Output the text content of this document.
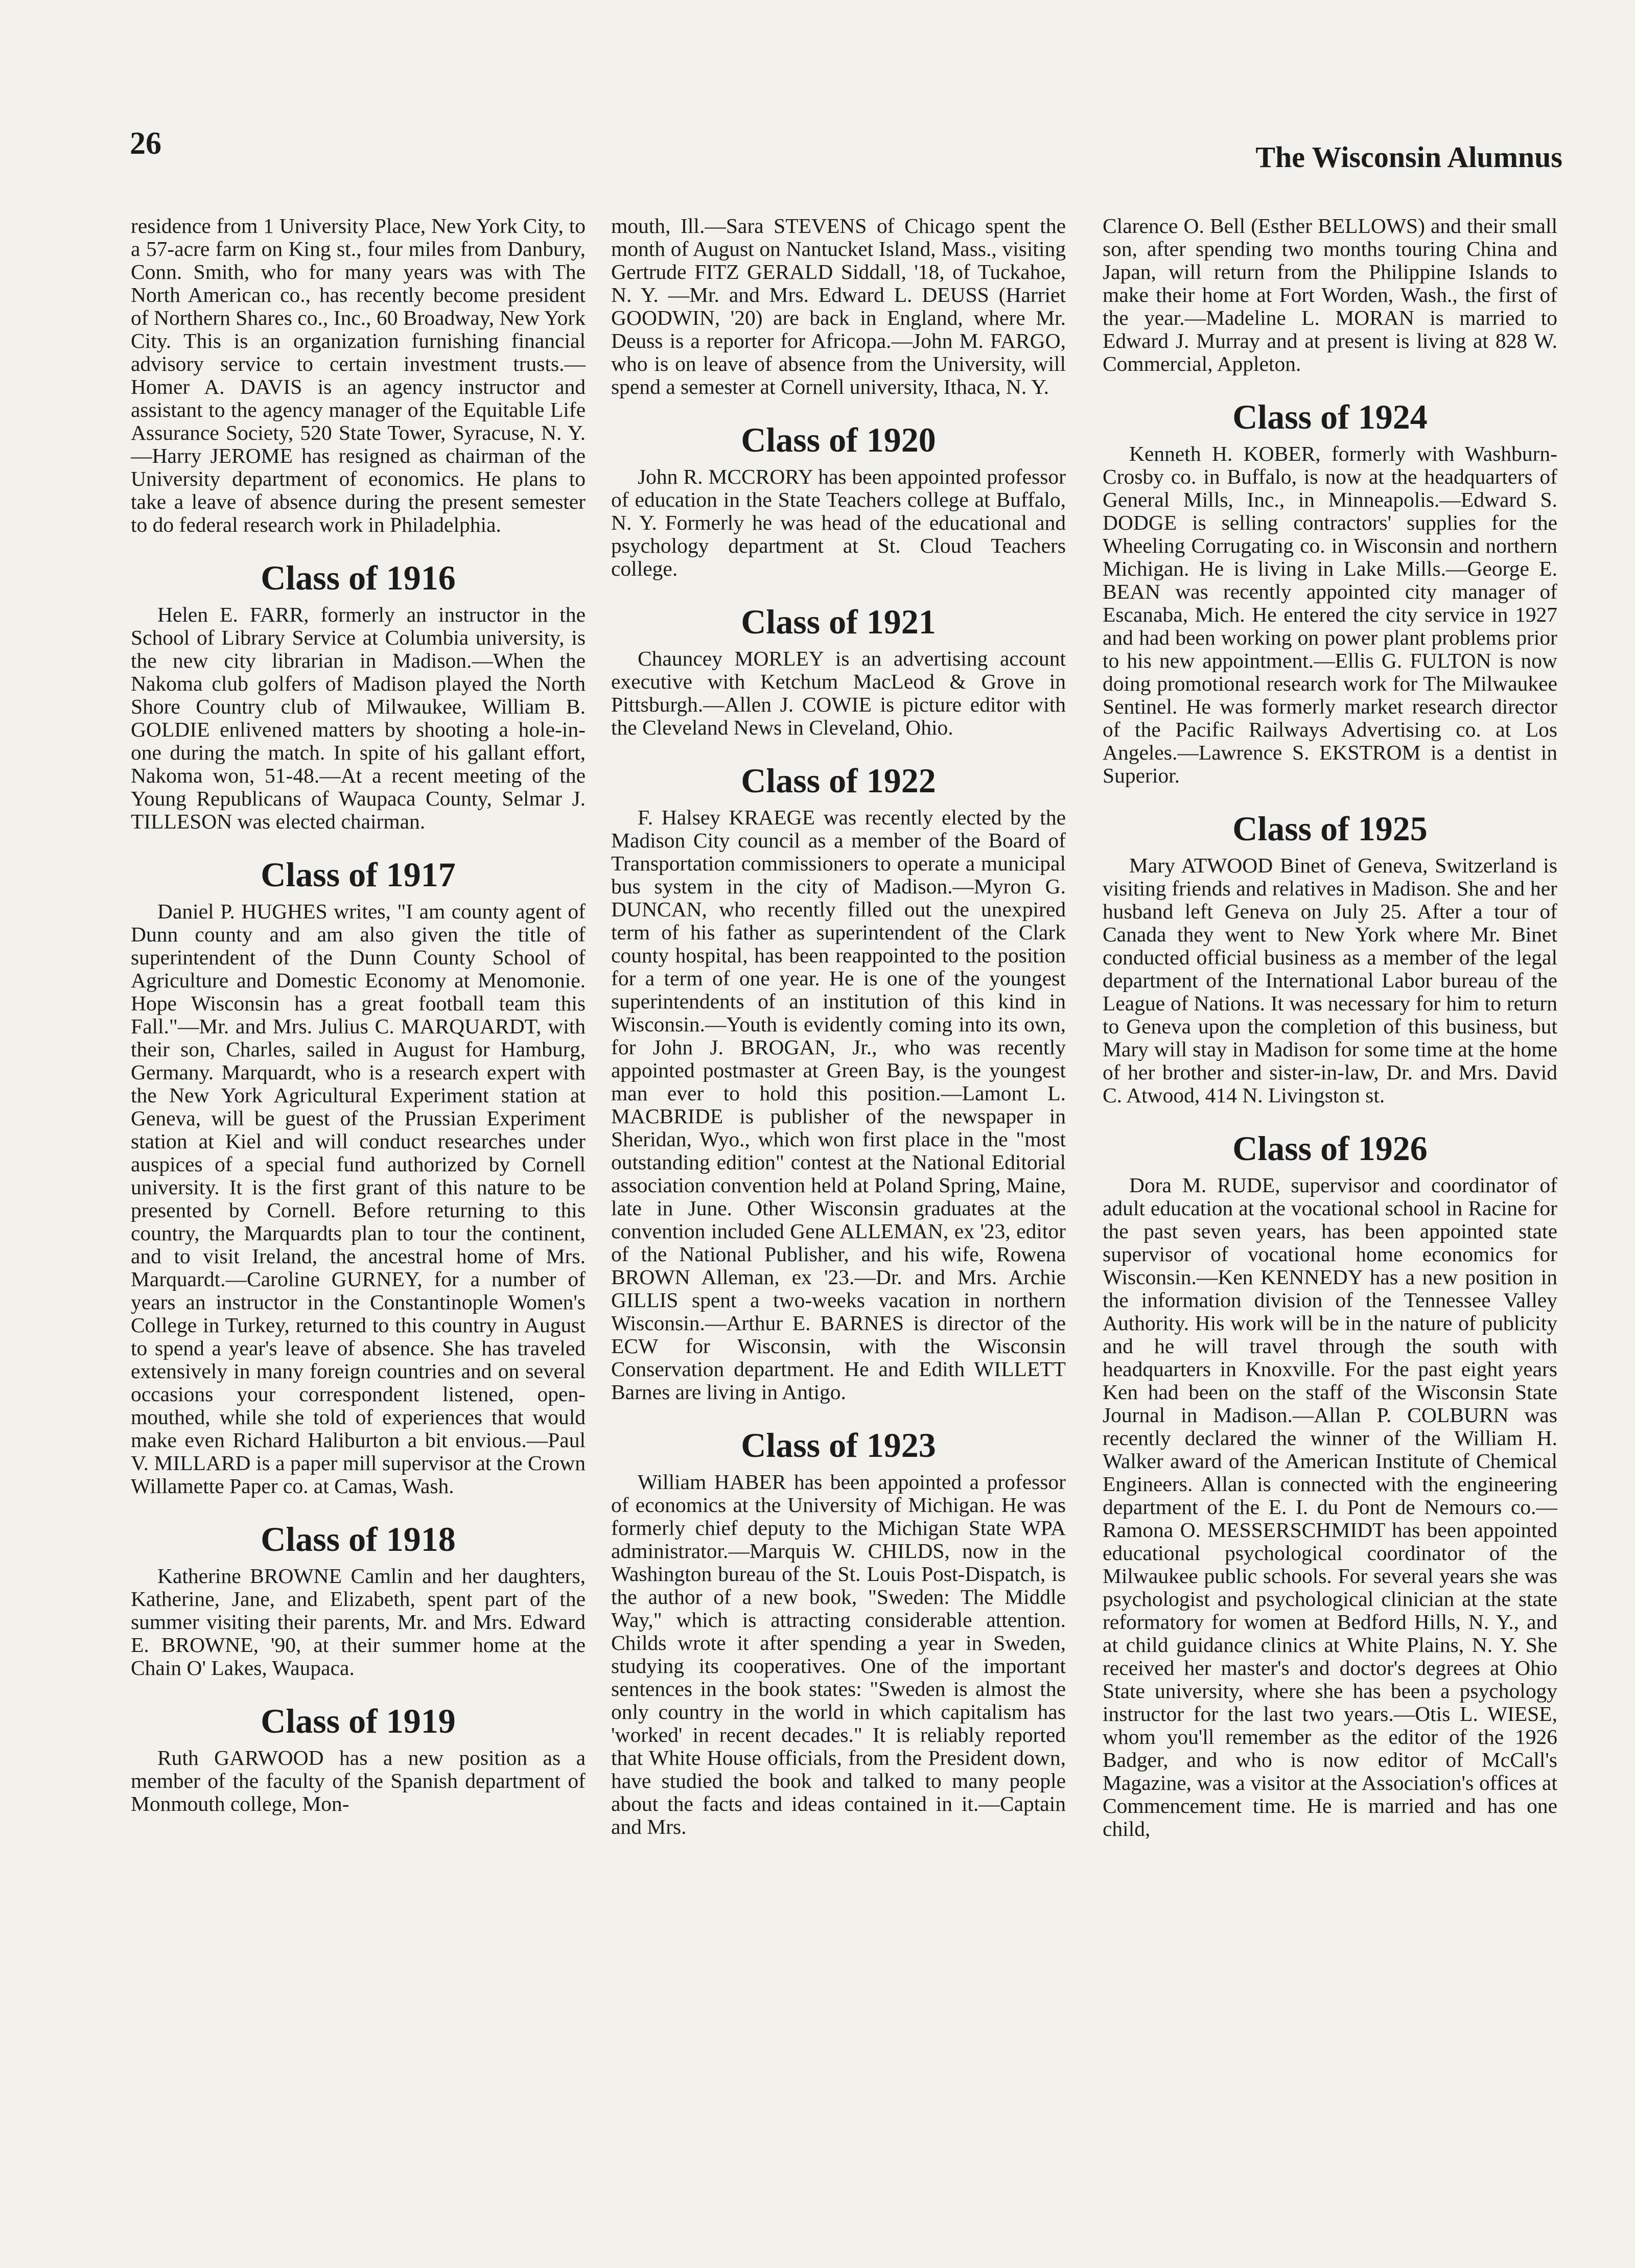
26	The Wisconsin Alumnus

residence from 1 University Place, New York City, to a 57-acre farm on King st., four miles from Danbury, Conn. Smith, who for many years was with The North American co., has recently become president of Northern Shares co., Inc., 60 Broadway, New York City. This is an organization furnishing financial advisory service to certain investment trusts.—Homer A. DAVIS is an agency instructor and assistant to the agency manager of the Equitable Life Assurance Society, 520 State Tower, Syracuse, N. Y.—Harry JEROME has resigned as chairman of the University department of economics. He plans to take a leave of absence during the present semester to do federal research work in Philadelphia.

Class of 1916

Helen E. FARR, formerly an instructor in the School of Library Service at Columbia university, is the new city librarian in Madison.—When the Nakoma club golfers of Madison played the North Shore Country club of Milwaukee, William B. GOLDIE enlivened matters by shooting a hole-in-one during the match. In spite of his gallant effort, Nakoma won, 51-48.—At a recent meeting of the Young Republicans of Waupaca County, Selmar J. TILLESON was elected chairman.

Class of 1917

Daniel P. HUGHES writes, "I am county agent of Dunn county and am also given the title of superintendent of the Dunn County School of Agriculture and Domestic Economy at Menomonie. Hope Wisconsin has a great football team this Fall."—Mr. and Mrs. Julius C. MARQUARDT, with their son, Charles, sailed in August for Hamburg, Germany. Marquardt, who is a research expert with the New York Agricultural Experiment station at Geneva, will be guest of the Prussian Experiment station at Kiel and will conduct researches under auspices of a special fund authorized by Cornell university. It is the first grant of this nature to be presented by Cornell. Before returning to this country, the Marquardts plan to tour the continent, and to visit Ireland, the ancestral home of Mrs. Marquardt.—Caroline GURNEY, for a number of years an instructor in the Constantinople Women's College in Turkey, returned to this country in August to spend a year's leave of absence. She has traveled extensively in many foreign countries and on several occasions your correspondent listened, open-mouthed, while she told of experiences that would make even Richard Haliburton a bit envious.—Paul V. MILLARD is a paper mill supervisor at the Crown Willamette Paper co. at Camas, Wash.

Class of 1918

Katherine BROWNE Camlin and her daughters, Katherine, Jane, and Elizabeth, spent part of the summer visiting their parents, Mr. and Mrs. Edward E. BROWNE, '90, at their summer home at the Chain O' Lakes, Waupaca.

Class of 1919

Ruth GARWOOD has a new position as a member of the faculty of the Spanish department of Monmouth college, Mon-

mouth, Ill.—Sara STEVENS of Chicago spent the month of August on Nantucket Island, Mass., visiting Gertrude FITZ GERALD Siddall, '18, of Tuckahoe, N. Y. —Mr. and Mrs. Edward L. DEUSS (Harriet GOODWIN, '20) are back in England, where Mr. Deuss is a reporter for Africopa.—John M. FARGO, who is on leave of absence from the University, will spend a semester at Cornell university, Ithaca, N. Y.

Class of 1920

John R. MCCRORY has been appointed professor of education in the State Teachers college at Buffalo, N. Y. Formerly he was head of the educational and psychology department at St. Cloud Teachers college.

Class of 1921

Chauncey MORLEY is an advertising account executive with Ketchum MacLeod & Grove in Pittsburgh.—Allen J. COWIE is picture editor with the Cleveland News in Cleveland, Ohio.

Class of 1922

F. Halsey KRAEGE was recently elected by the Madison City council as a member of the Board of Transportation commissioners to operate a municipal bus system in the city of Madison.—Myron G. DUNCAN, who recently filled out the unexpired term of his father as superintendent of the Clark county hospital, has been reappointed to the position for a term of one year. He is one of the youngest superintendents of an institution of this kind in Wisconsin.—Youth is evidently coming into its own, for John J. BROGAN, Jr., who was recently appointed postmaster at Green Bay, is the youngest man ever to hold this position.—Lamont L. MACBRIDE is publisher of the newspaper in Sheridan, Wyo., which won first place in the "most outstanding edition" contest at the National Editorial association convention held at Poland Spring, Maine, late in June. Other Wisconsin graduates at the convention included Gene ALLEMAN, ex '23, editor of the National Publisher, and his wife, Rowena BROWN Alleman, ex '23.—Dr. and Mrs. Archie GILLIS spent a two-weeks vacation in northern Wisconsin.—Arthur E. BARNES is director of the ECW for Wisconsin, with the Wisconsin Conservation department. He and Edith WILLETT Barnes are living in Antigo.

Class of 1923

William HABER has been appointed a professor of economics at the University of Michigan. He was formerly chief deputy to the Michigan State WPA administrator.—Marquis W. CHILDS, now in the Washington bureau of the St. Louis Post-Dispatch, is the author of a new book, "Sweden: The Middle Way," which is attracting considerable attention. Childs wrote it after spending a year in Sweden, studying its cooperatives. One of the important sentences in the book states: "Sweden is almost the only country in the world in which capitalism has 'worked' in recent decades." It is reliably reported that White House officials, from the President down, have studied the book and talked to many people about the facts and ideas contained in it.—Captain and Mrs.

Clarence O. Bell (Esther BELLOWS) and their small son, after spending two months touring China and Japan, will return from the Philippine Islands to make their home at Fort Worden, Wash., the first of the year.—Madeline L. MORAN is married to Edward J. Murray and at present is living at 828 W. Commercial, Appleton.

Class of 1924

Kenneth H. KOBER, formerly with Washburn-Crosby co. in Buffalo, is now at the headquarters of General Mills, Inc., in Minneapolis.—Edward S. DODGE is selling contractors' supplies for the Wheeling Corrugating co. in Wisconsin and northern Michigan. He is living in Lake Mills.—George E. BEAN was recently appointed city manager of Escanaba, Mich. He entered the city service in 1927 and had been working on power plant problems prior to his new appointment.—Ellis G. FULTON is now doing promotional research work for The Milwaukee Sentinel. He was formerly market research director of the Pacific Railways Advertising co. at Los Angeles.—Lawrence S. EKSTROM is a dentist in Superior.

Class of 1925

Mary ATWOOD Binet of Geneva, Switzerland is visiting friends and relatives in Madison. She and her husband left Geneva on July 25. After a tour of Canada they went to New York where Mr. Binet conducted official business as a member of the legal department of the International Labor bureau of the League of Nations. It was necessary for him to return to Geneva upon the completion of this business, but Mary will stay in Madison for some time at the home of her brother and sister-in-law, Dr. and Mrs. David C. Atwood, 414 N. Livingston st.

Class of 1926

Dora M. RUDE, supervisor and coordinator of adult education at the vocational school in Racine for the past seven years, has been appointed state supervisor of vocational home economics for Wisconsin.—Ken KENNEDY has a new position in the information division of the Tennessee Valley Authority. His work will be in the nature of publicity and he will travel through the south with headquarters in Knoxville. For the past eight years Ken had been on the staff of the Wisconsin State Journal in Madison.—Allan P. COLBURN was recently declared the winner of the William H. Walker award of the American Institute of Chemical Engineers. Allan is connected with the engineering department of the E. I. du Pont de Nemours co.—Ramona O. MESSERSCHMIDT has been appointed educational psychological coordinator of the Milwaukee public schools. For several years she was psychologist and psychological clinician at the state reformatory for women at Bedford Hills, N. Y., and at child guidance clinics at White Plains, N. Y. She received her master's and doctor's degrees at Ohio State university, where she has been a psychology instructor for the last two years.—Otis L. WIESE, whom you'll remember as the editor of the 1926 Badger, and who is now editor of McCall's Magazine, was a visitor at the Association's offices at Commencement time. He is married and has one child,
